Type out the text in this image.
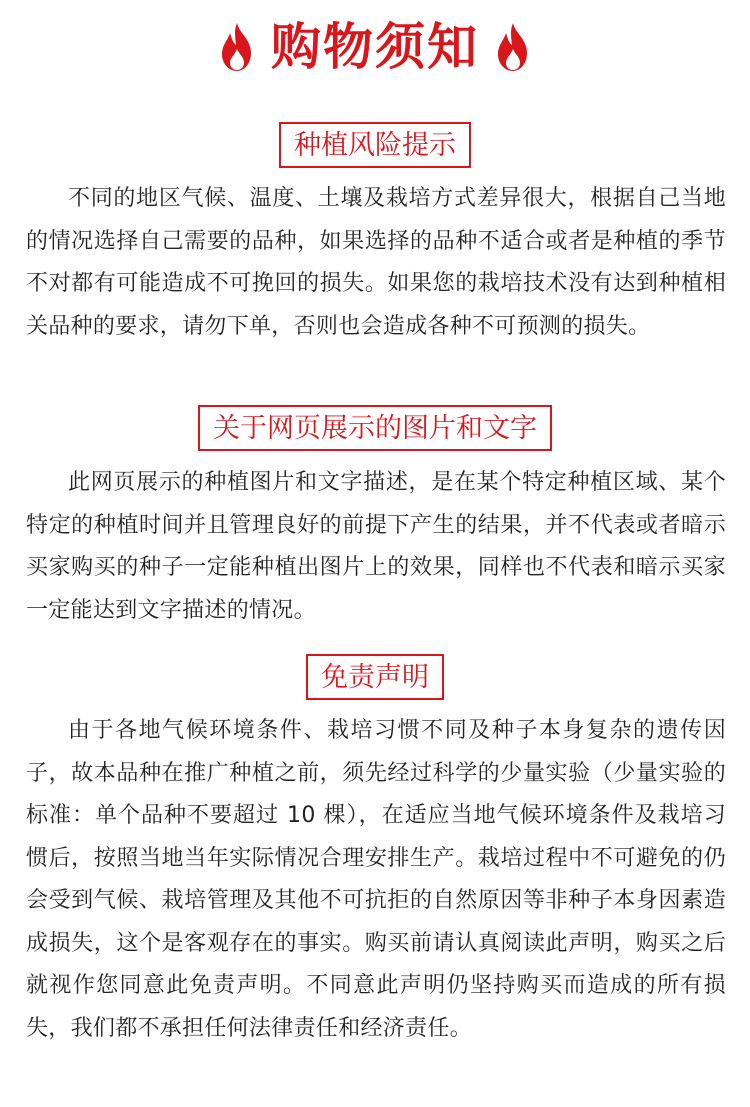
购物须知
种植风险提示

不同的地区气候、温度、土壤及栽培方式差异很大，根据自己当地的情况选择自己需要的品种，如果选择的品种不适合或者是种植的季节不对都有可能造成不可挽回的损失。如果您的栽培技术没有达到种植相关品种的要求，请勿下单，否则也会造成各种不可预测的损失。

关于网页展示的图片和文字

此网页展示的种植图片和文字描述，是在某个特定种植区域、某个特定的种植时间并且管理良好的前提下产生的结果，并不代表或者暗示买家购买的种子一定能种植出图片上的效果，同样也不代表和暗示买家一定能达到文字描述的情况。

免责声明

由于各地气候环境条件、栽培习惯不同及种子本身复杂的遗传因子，故本品种在推广种植之前，须先经过科学的少量实验（少量实验的标准：单个品种不要超过 10 棵），在适应当地气候环境条件及栽培习惯后，按照当地当年实际情况合理安排生产。栽培过程中不可避免的仍会受到气候、栽培管理及其他不可抗拒的自然原因等非种子本身因素造成损失，这个是客观存在的事实。购买前请认真阅读此声明，购买之后就视作您同意此免责声明。不同意此声明仍坚持购买而造成的所有损失，我们都不承担任何法律责任和经济责任。
